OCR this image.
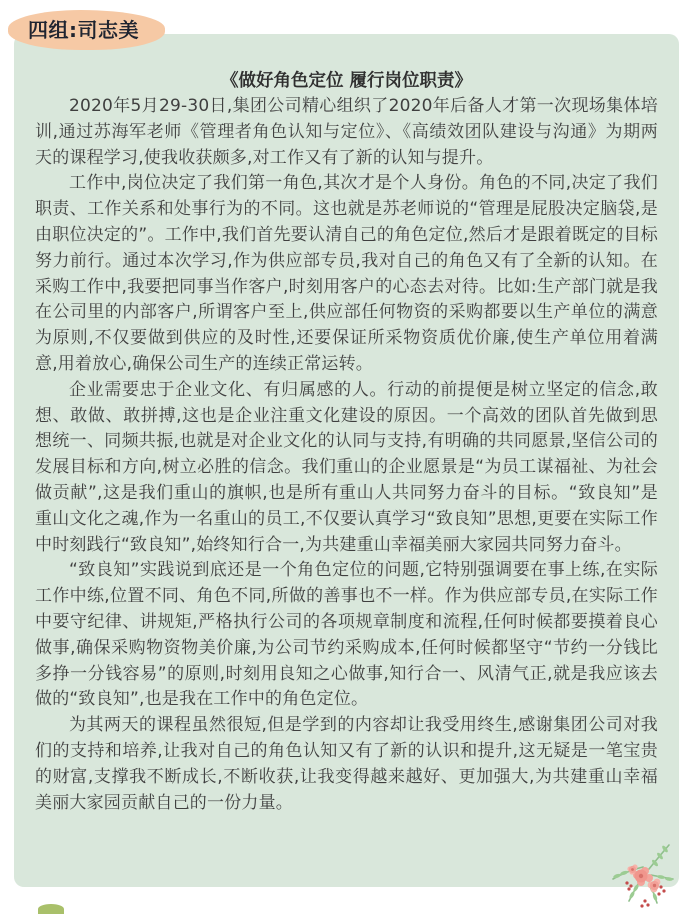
四组:司志美
《做好角色定位 履行岗位职责》

2020年5月29-30日,集团公司精心组织了2020年后备人才第一次现场集体培训,通过苏海军老师《管理者角色认知与定位》、《高绩效团队建设与沟通》为期两天的课程学习,使我收获颇多,对工作又有了新的认知与提升。

工作中,岗位决定了我们第一角色,其次才是个人身份。角色的不同,决定了我们职责、工作关系和处事行为的不同。这也就是苏老师说的“管理是屁股决定脑袋,是由职位决定的”。工作中,我们首先要认清自己的角色定位,然后才是跟着既定的目标努力前行。通过本次学习,作为供应部专员,我对自己的角色又有了全新的认知。在采购工作中,我要把同事当作客户,时刻用客户的心态去对待。比如:生产部门就是我在公司里的内部客户,所谓客户至上,供应部任何物资的采购都要以生产单位的满意为原则,不仅要做到供应的及时性,还要保证所采物资质优价廉,使生产单位用着满意,用着放心,确保公司生产的连续正常运转。

企业需要忠于企业文化、有归属感的人。行动的前提便是树立坚定的信念,敢想、敢做、敢拼搏,这也是企业注重文化建设的原因。一个高效的团队首先做到思想统一、同频共振,也就是对企业文化的认同与支持,有明确的共同愿景,坚信公司的发展目标和方向,树立必胜的信念。我们重山的企业愿景是“为员工谋福祉、为社会做贡献”,这是我们重山的旗帜,也是所有重山人共同努力奋斗的目标。“致良知”是重山文化之魂,作为一名重山的员工,不仅要认真学习“致良知”思想,更要在实际工作中时刻践行“致良知”,始终知行合一,为共建重山幸福美丽大家园共同努力奋斗。

“致良知”实践说到底还是一个角色定位的问题,它特别强调要在事上练,在实际工作中练,位置不同、角色不同,所做的善事也不一样。作为供应部专员,在实际工作中要守纪律、讲规矩,严格执行公司的各项规章制度和流程,任何时候都要摸着良心做事,确保采购物资物美价廉,为公司节约采购成本,任何时候都坚守“节约一分钱比多挣一分钱容易”的原则,时刻用良知之心做事,知行合一、风清气正,就是我应该去做的“致良知”,也是我在工作中的角色定位。

为其两天的课程虽然很短,但是学到的内容却让我受用终生,感谢集团公司对我们的支持和培养,让我对自己的角色认知又有了新的认识和提升,这无疑是一笔宝贵的财富,支撑我不断成长,不断收获,让我变得越来越好、更加强大,为共建重山幸福美丽大家园贡献自己的一份力量。
